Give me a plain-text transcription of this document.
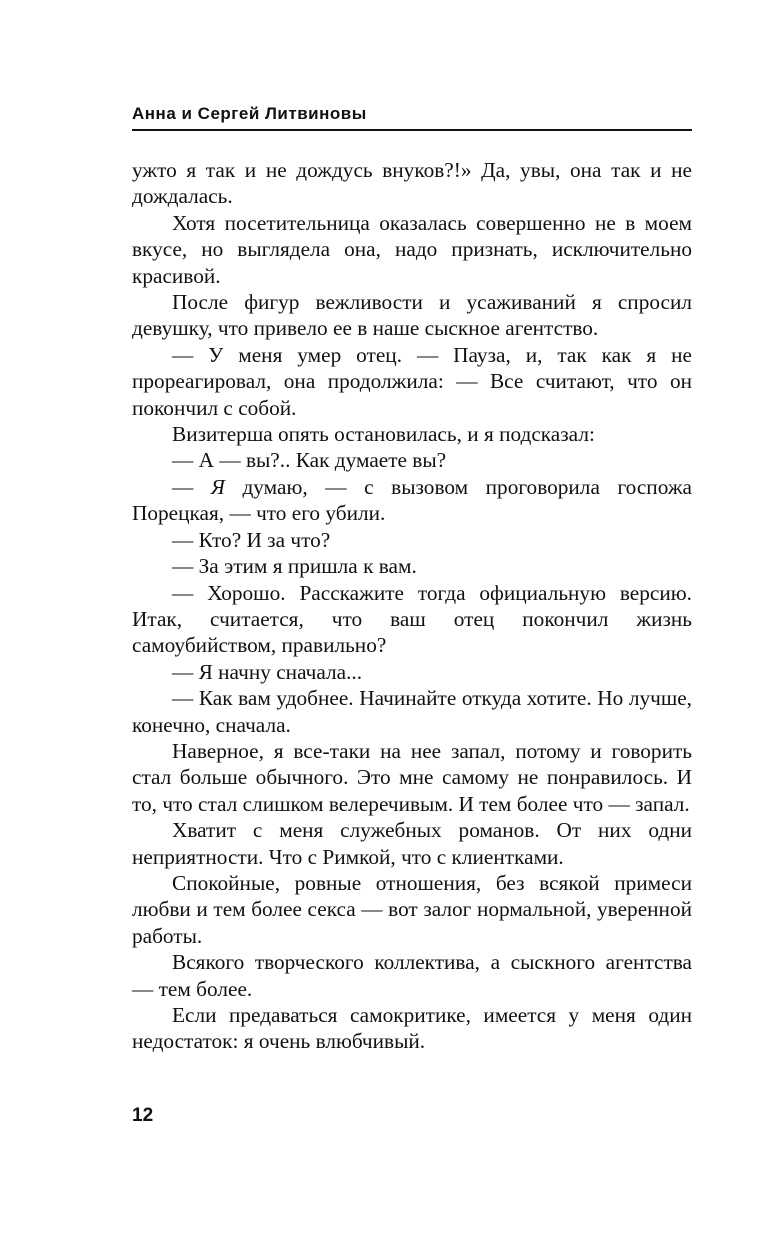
Анна и Сергей Литвиновы

ужто я так и не дождусь внуков?!» Да, увы, она так и не дождалась.

Хотя посетительница оказалась совершенно не в моем вкусе, но выглядела она, надо признать, исключительно красивой.

После фигур вежливости и усаживаний я спросил девушку, что привело ее в наше сыскное агентство.

— У меня умер отец. — Пауза, и, так как я не прореагировал, она продолжила: — Все считают, что он покончил с собой.

Визитерша опять остановилась, и я подсказал:

— А — вы?.. Как думаете вы?

— Я думаю, — с вызовом проговорила госпожа Порецкая, — что его убили.

— Кто? И за что?

— За этим я пришла к вам.

— Хорошо. Расскажите тогда официальную версию. Итак, считается, что ваш отец покончил жизнь самоубийством, правильно?

— Я начну сначала...

— Как вам удобнее. Начинайте откуда хотите. Но лучше, конечно, сначала.

Наверное, я все-таки на нее запал, потому и говорить стал больше обычного. Это мне самому не понравилось. И то, что стал слишком велеречивым. И тем более что — запал.

Хватит с меня служебных романов. От них одни неприятности. Что с Римкой, что с клиентками.

Спокойные, ровные отношения, без всякой примеси любви и тем более секса — вот залог нормальной, уверенной работы.

Всякого творческого коллектива, а сыскного агентства — тем более.

Если предаваться самокритике, имеется у меня один недостаток: я очень влюбчивый.

12
